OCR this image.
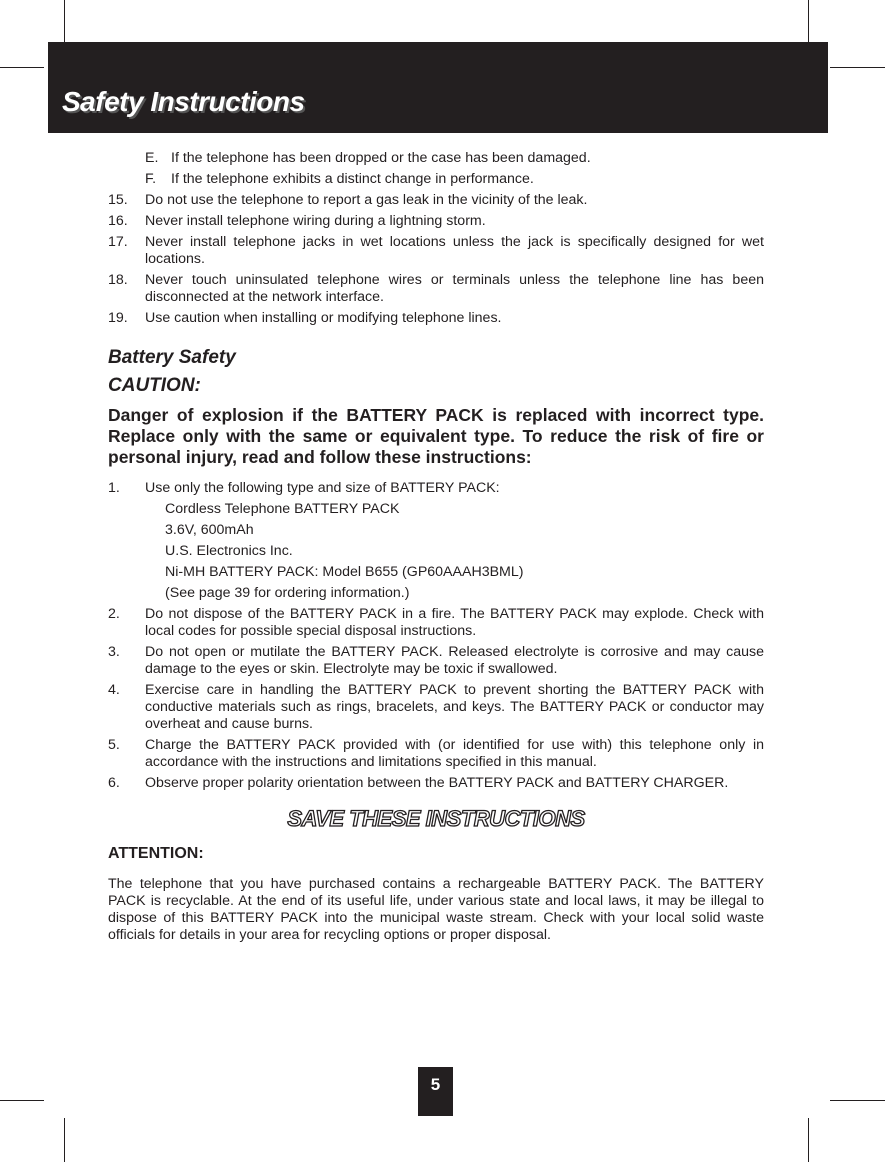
Safety Instructions
E. If the telephone has been dropped or the case has been damaged.
F.	If the telephone exhibits a distinct change in performance.
15.	Do not use the telephone to report a gas leak in the vicinity of the leak.
16.	Never install telephone wiring during a lightning storm.
17.	Never install telephone jacks in wet locations unless the jack is specifically designed for wet locations.
18.	Never touch uninsulated telephone wires or terminals unless the telephone line has been disconnected at the network interface.
19.	Use caution when installing or modifying telephone lines.

Battery Safety

CAUTION:

Danger of explosion if the BATTERY PACK is replaced with incorrect type. Replace only with the same or equivalent type. To reduce the risk of fire or personal injury, read and follow these instructions:

1.	Use only the following type and size of BATTERY PACK:
Cordless Telephone BATTERY PACK
3.6V, 600mAh
U.S. Electronics Inc.
Ni-MH BATTERY PACK: Model B655 (GP60AAAH3BML)
(See page 39 for ordering information.)
2.	Do not dispose of the BATTERY PACK in a fire. The BATTERY PACK may explode. Check with local codes for possible special disposal instructions.
3.	Do not open or mutilate the BATTERY PACK. Released electrolyte is corrosive and may cause damage to the eyes or skin. Electrolyte may be toxic if swallowed.
4.	Exercise care in handling the BATTERY PACK to prevent shorting the BATTERY PACK with conductive materials such as rings, bracelets, and keys. The BATTERY PACK or conductor may overheat and cause burns.
5.	Charge the BATTERY PACK provided with (or identified for use with) this telephone only in accordance with the instructions and limitations specified in this manual.
6.	Observe proper polarity orientation between the BATTERY PACK and BATTERY CHARGER.

SAVE THESE INSTRUCTIONS

ATTENTION:

The telephone that you have purchased contains a rechargeable BATTERY PACK. The BATTERY PACK is recyclable. At the end of its useful life, under various state and local laws, it may be illegal to dispose of this BATTERY PACK into the municipal waste stream. Check with your local solid waste officials for details in your area for recycling options or proper disposal.

5
